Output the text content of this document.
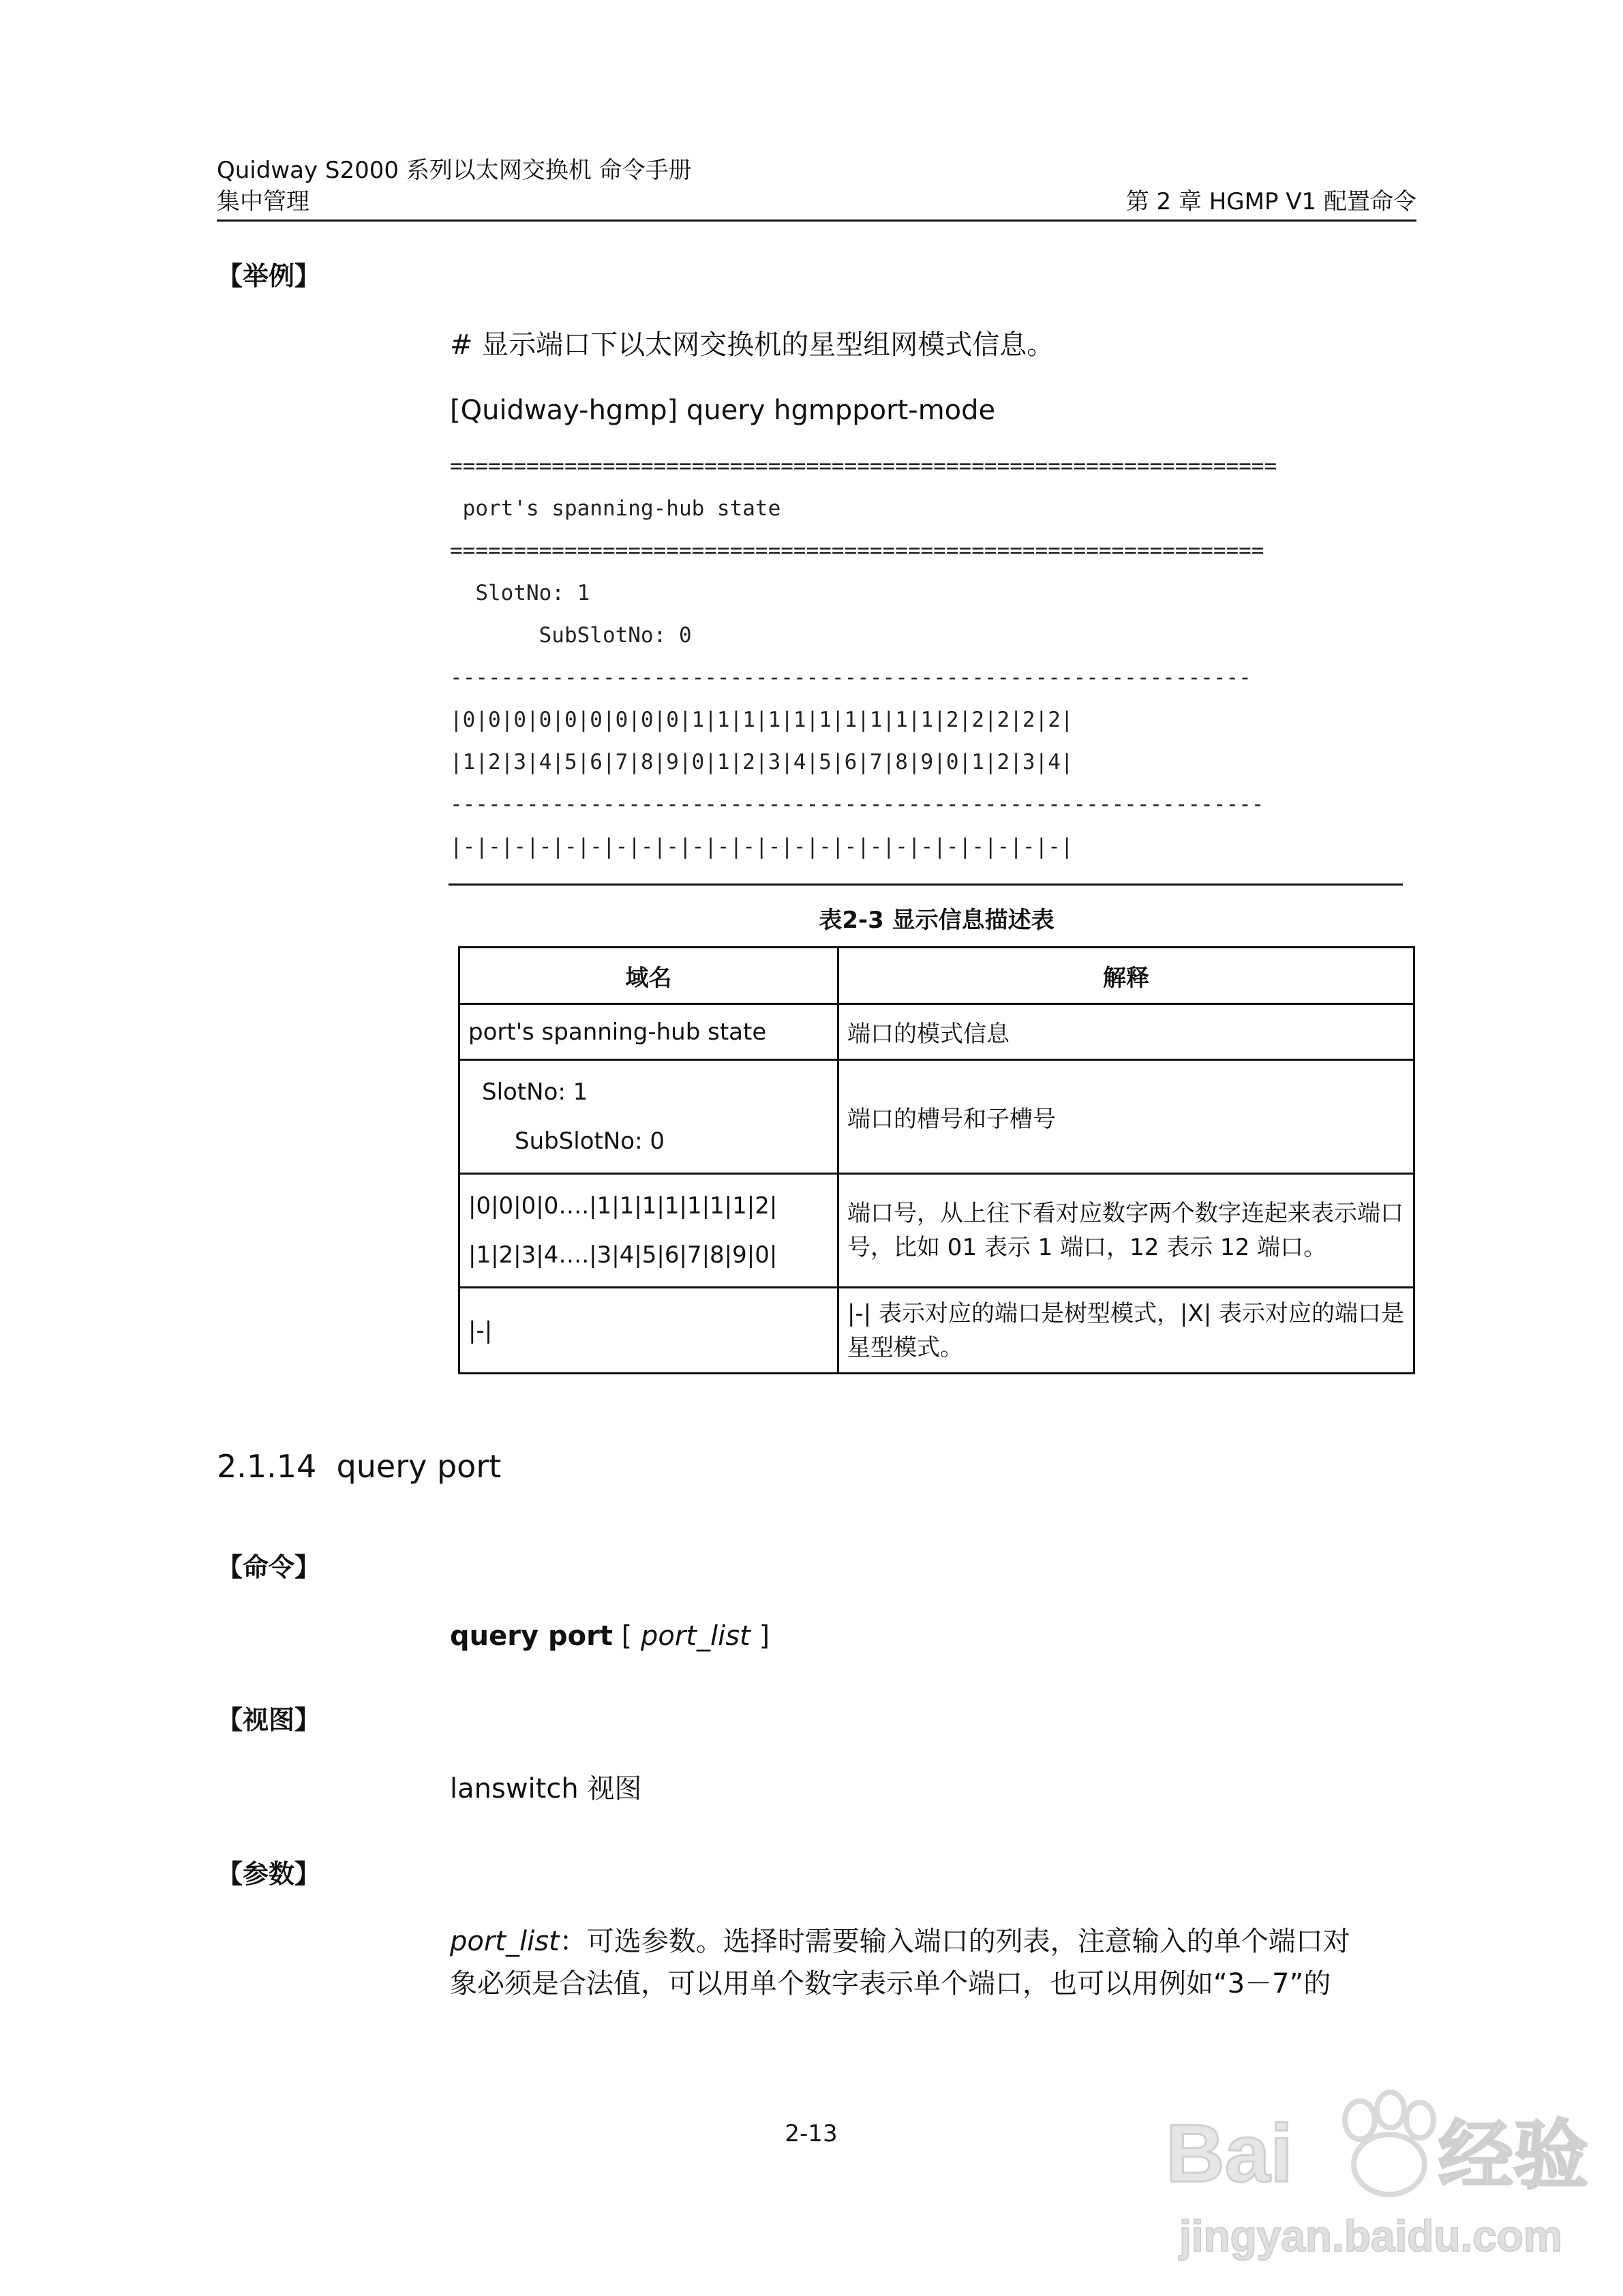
Quidway S2000 系列以太网交换机 命令手册
集中管理	第 2 章 HGMP V1 配置命令
【举例】
# 显示端口下以太网交换机的星型组网模式信息。
[Quidway-hgmp] query hgmpport-mode
=================================================================
port's spanning-hub state
================================================================
SlotNo: 1
SubSlotNo: 0
---------------------------------------------------------------
|0|0|0|0|0|0|0|0|0|1|1|1|1|1|1|1|1|1|1|2|2|2|2|2|
|1|2|3|4|5|6|7|8|9|0|1|2|3|4|5|6|7|8|9|0|1|2|3|4|
----------------------------------------------------------------
|-|-|-|-|-|-|-|-|-|-|-|-|-|-|-|-|-|-|-|-|-|-|-|-|
表2-3 显示信息描述表
域名	解释
port's spanning-hub state	端口的模式信息

SlotNo: 1
SubSlotNo: 0	端口的槽号和子槽号

|0|0|0|0….|1|1|1|1|1|1|1|2|
|1|2|3|4….|3|4|5|6|7|8|9|0|	端口号，从上往下看对应数字两个数字连起来表示端口号，比如 01 表示 1 端口，12 表示 12 端口。

|-|	|-| 表示对应的端口是树型模式，|X| 表示对应的端口是星型模式。
2.1.14 query port
【命令】
query port [ port_list ]
【视图】
lanswitch 视图
【参数】
port_list：可选参数。选择时需要输入端口的列表，注意输入的单个端口对
象必须是合法值，可以用单个数字表示单个端口，也可以用例如“3－7”的
2-13	Bai 经验
jingyan.baidu.com
